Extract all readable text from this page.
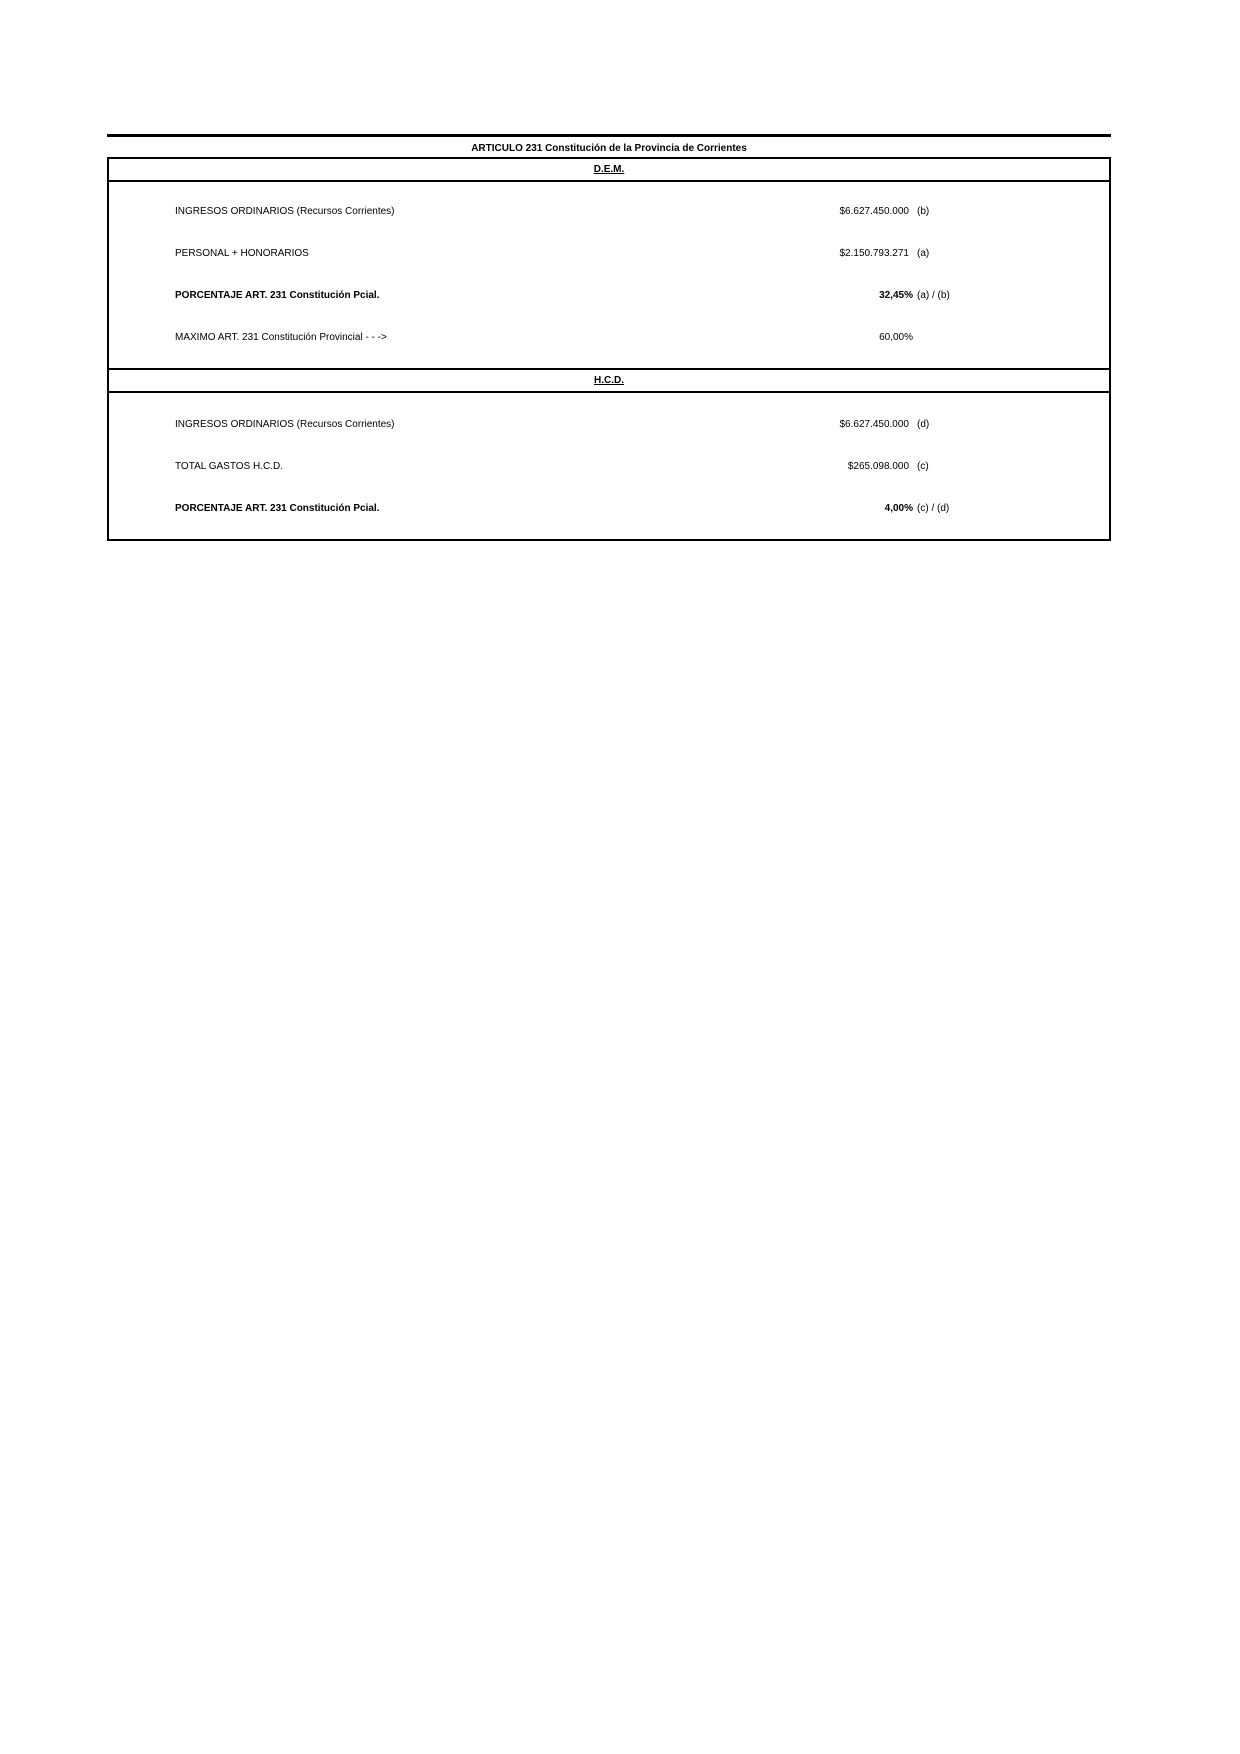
ARTICULO 231 Constitución de la Provincia de Corrientes
D.E.M.
INGRESOS ORDINARIOS (Recursos Corrientes)	$6.627.450.000 (b)
PERSONAL + HONORARIOS	$2.150.793.271 (a)
PORCENTAJE ART. 231 Constitución Pcial.	32,45% (a) / (b)
MAXIMO ART. 231 Constitución Provincial - - ->	60,00%
H.C.D.
INGRESOS ORDINARIOS (Recursos Corrientes)	$6.627.450.000 (d)
TOTAL GASTOS H.C.D.	$265.098.000 (c)
PORCENTAJE ART. 231 Constitución Pcial.	4,00% (c) / (d)
